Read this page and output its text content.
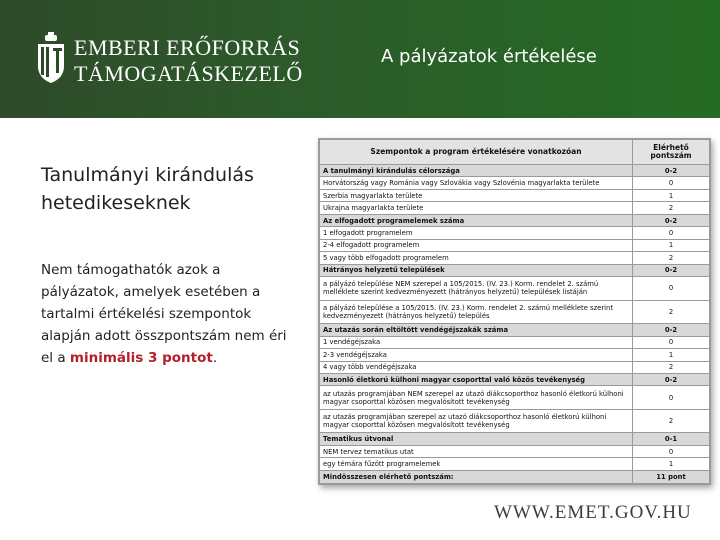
EMBERI ERŐFORRÁS
TÁMOGATÁSKEZELŐ
A pályázatok értékelése
Tanulmányi kirándulás hetedikeseknek
Nem támogathatók azok a pályázatok, amelyek esetében a tartalmi értékelési szempontok alapján adott összpontszám nem éri el a minimális 3 pontot.
Szempontok a program értékelésére vonatkozóan	Elérhető pontszám
A tanulmányi kirándulás célországa	0-2
Horvátország vagy Románia vagy Szlovákia vagy Szlovénia magyarlakta területe	0
Szerbia magyarlakta területe	1
Ukrajna magyarlakta területe	2
Az elfogadott programelemek száma	0-2
1 elfogadott programelem	0
2-4 elfogadott programelem	1
5 vagy több elfogadott programelem	2
Hátrányos helyzetű települések	0-2
a pályázó települése NEM szerepel a 105/2015. (IV. 23.) Korm. rendelet 2. számú melléklete szerint kedvezményezett (hátrányos helyzetű) települések listáján	0
a pályázó települése a 105/2015. (IV. 23.) Korm. rendelet 2. számú melléklete szerint kedvezményezett (hátrányos helyzetű) település	2
Az utazás során eltöltött vendégéjszakák száma	0-2
1 vendégéjszaka	0
2-3 vendégéjszaka	1
4 vagy több vendégéjszaka	2
Hasonló életkorú külhoni magyar csoporttal való közös tevékenység	0-2
az utazás programjában NEM szerepel az utazó diákcsoporthoz hasonló életkorú külhoni magyar csoporttal közösen megvalósított tevékenység	0
az utazás programjában szerepel az utazó diákcsoporthoz hasonló életkorú külhoni magyar csoporttal közösen megvalósított tevékenység	2
Tematikus útvonal	0-1
NEM tervez tematikus utat	0
egy témára fűzött programelemek	1
Mindösszesen elérhető pontszám:	11 pont
WWW.EMET.GOV.HU
